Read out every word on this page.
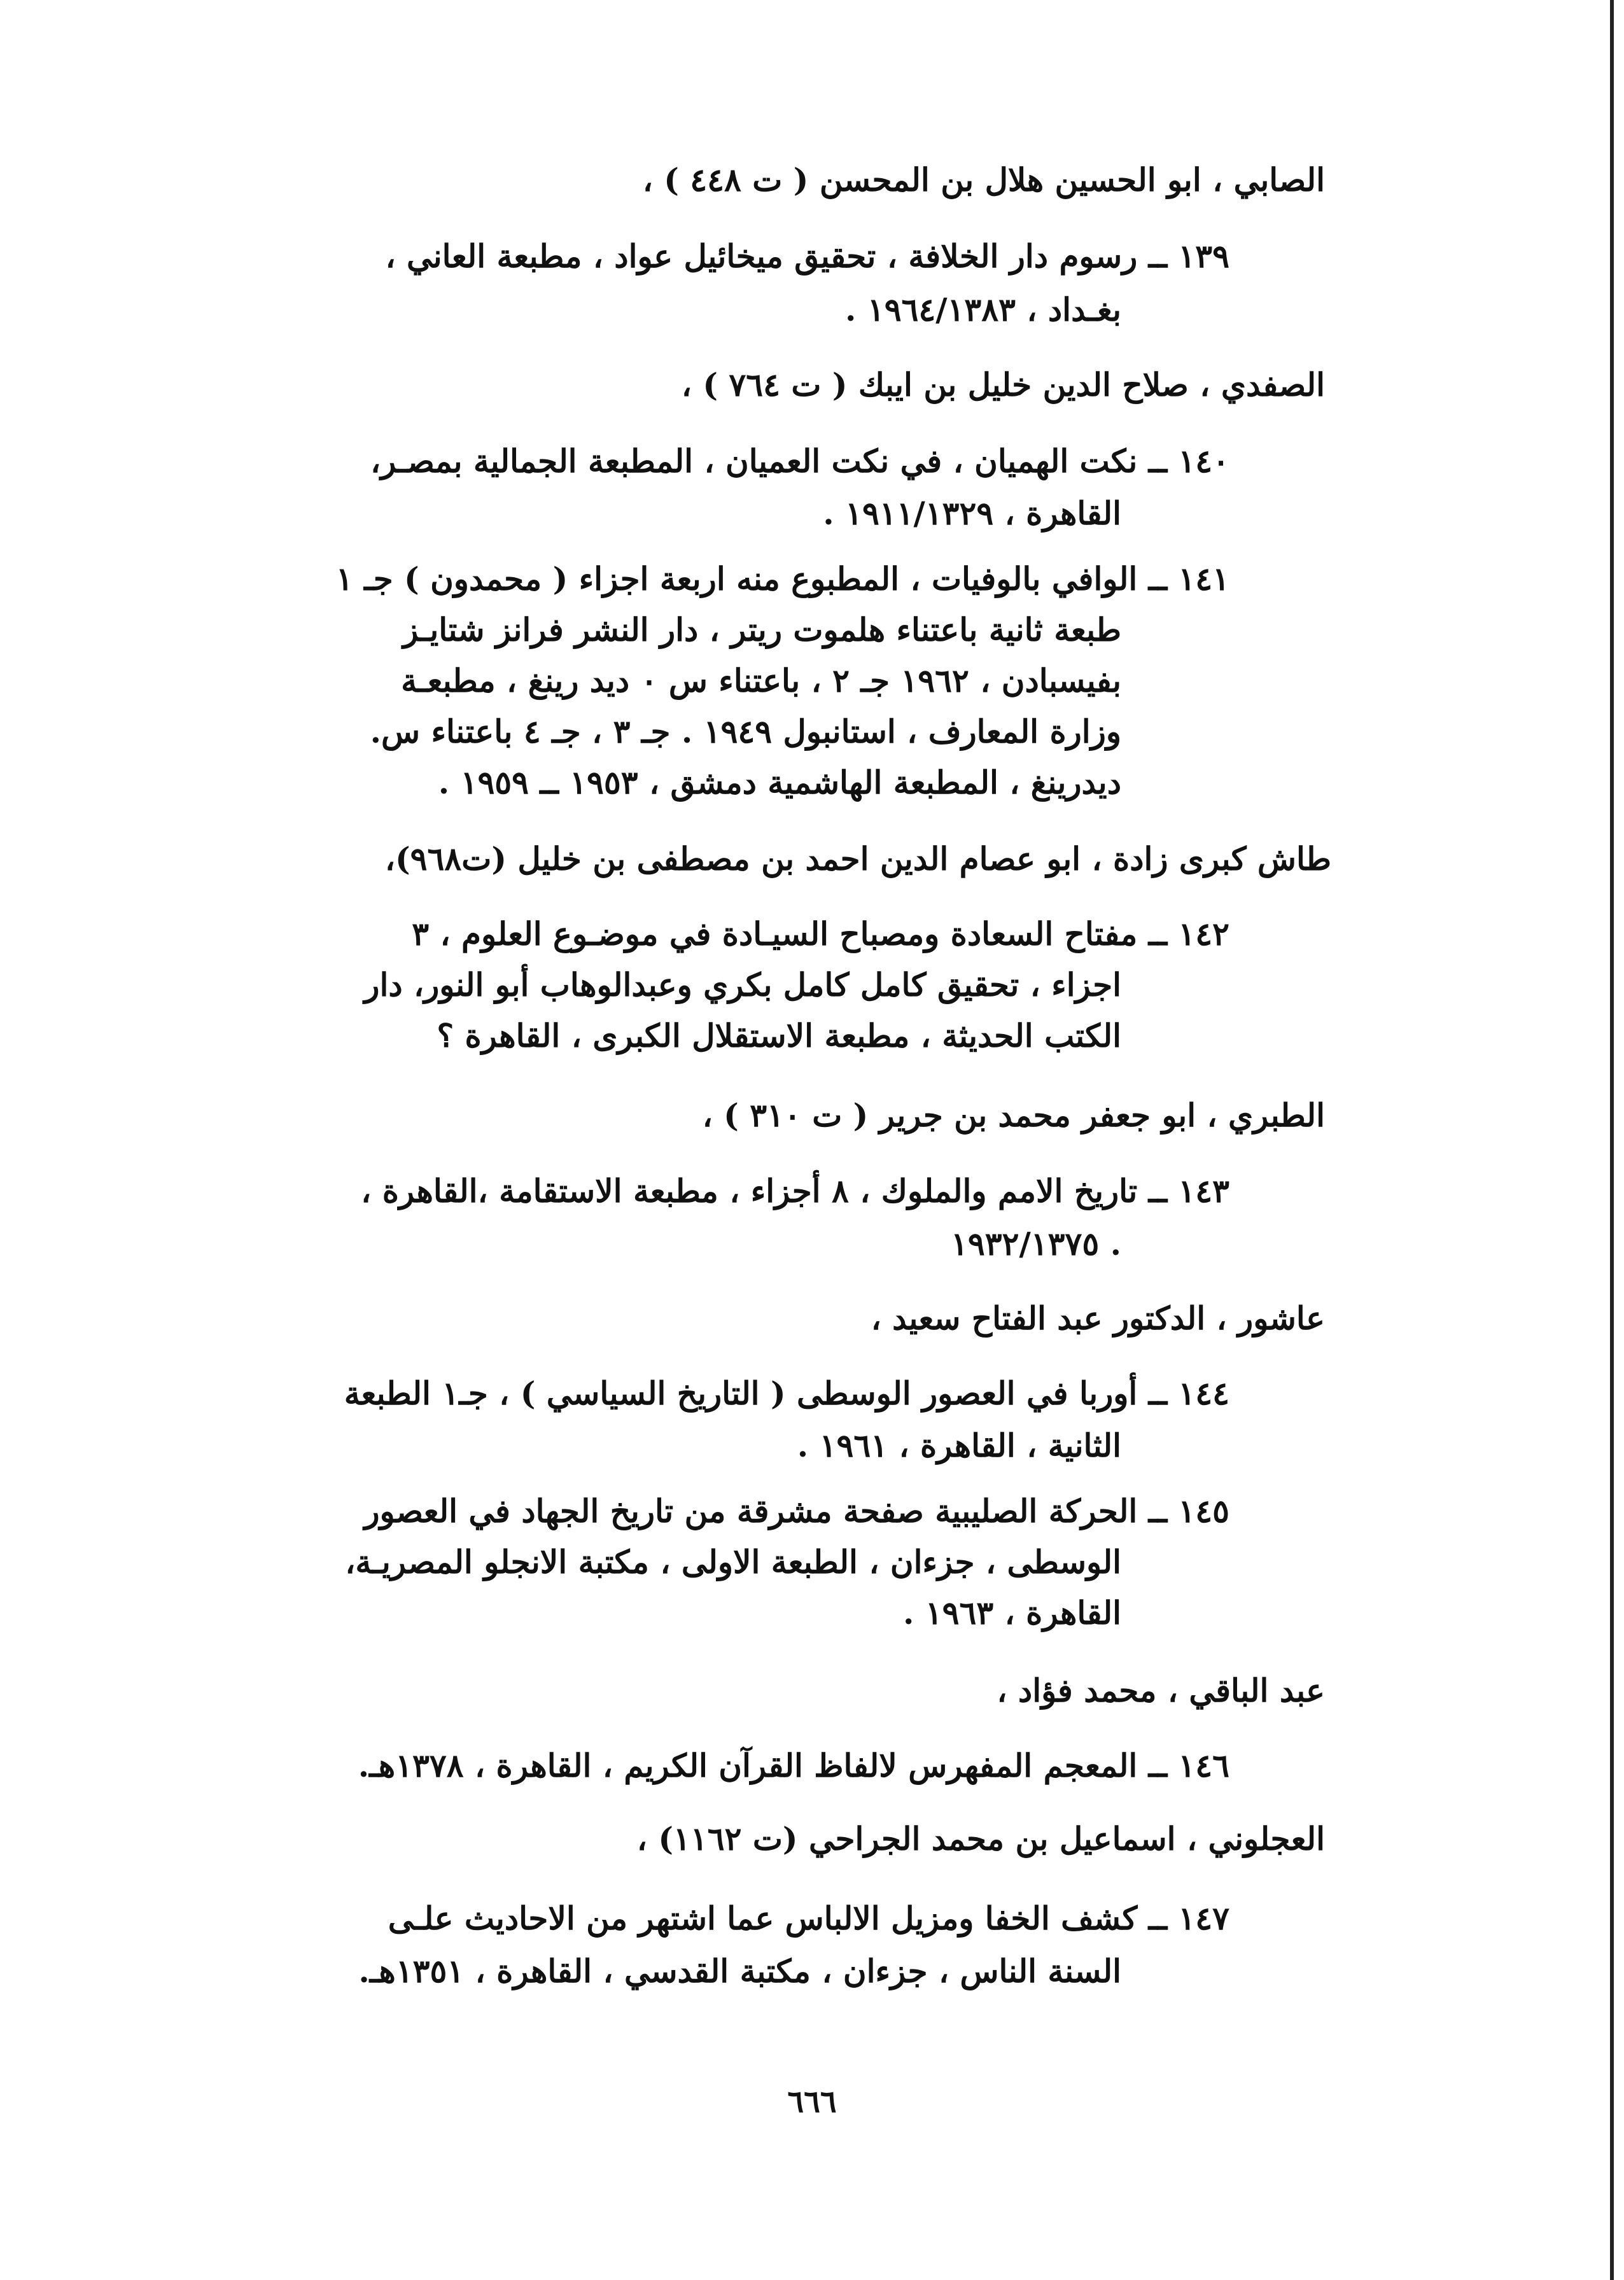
الصابي ، ابو الحسين هلال بن المحسن ( ت ٤٤٨ ) ،
١٣٩ ــ رسوم دار الخلافة ، تحقيق ميخائيل عواد ، مطبعة العاني ،
بغـداد ، ١٩٦٤/١٣٨٣ .
الصفدي ، صلاح الدين خليل بن ايبك ( ت ٧٦٤ ) ،
١٤٠ ــ نكت الهميان ، في نكت العميان ، المطبعة الجمالية بمصـر،
القاهرة ، ١٩١١/١٣٢٩ .
١٤١ ــ الوافي بالوفيات ، المطبوع منه اربعة اجزاء ( محمدون ) جـ ١
طبعة ثانية باعتناء هلموت ريتر ، دار النشر فرانز شتايـز
بفيسبادن ، ١٩٦٢ جـ ٢ ، باعتناء س ٠ ديد رينغ ، مطبعـة
وزارة المعارف ، استانبول ١٩٤٩ . جـ ٣ ، جـ ٤ باعتناء س.
ديدرينغ ، المطبعة الهاشمية دمشق ، ١٩٥٣ ــ ١٩٥٩ .
طاش كبرى زادة ، ابو عصام الدين احمد بن مصطفى بن خليل (ت٩٦٨)،
١٤٢ ــ مفتاح السعادة ومصباح السيـادة في موضـوع العلوم ، ٣
اجزاء ، تحقيق كامل كامل بكري وعبدالوهاب أبو النور، دار
الكتب الحديثة ، مطبعة الاستقلال الكبرى ، القاهرة ؟
الطبري ، ابو جعفر محمد بن جرير ( ت ٣١٠ ) ،
١٤٣ ــ تاريخ الامم والملوك ، ٨ أجزاء ، مطبعة الاستقامة ،القاهرة ،
١٩٣٢/١٣٧٥ .
عاشور ، الدكتور عبد الفتاح سعيد ،
١٤٤ ــ أوربا في العصور الوسطى ( التاريخ السياسي ) ، جـ١ الطبعة
الثانية ، القاهرة ، ١٩٦١ .
١٤٥ ــ الحركة الصليبية صفحة مشرقة من تاريخ الجهاد في العصور
الوسطى ، جزءان ، الطبعة الاولى ، مكتبة الانجلو المصريـة،
القاهرة ، ١٩٦٣ .
عبد الباقي ، محمد فؤاد ،
١٤٦ ــ المعجم المفهرس لالفاظ القرآن الكريم ، القاهرة ، ١٣٧٨هـ.
العجلوني ، اسماعيل بن محمد الجراحي (ت ١١٦٢) ،
١٤٧ ــ كشف الخفا ومزيل الالباس عما اشتهر من الاحاديث علـى
السنة الناس ، جزءان ، مكتبة القدسي ، القاهرة ، ١٣٥١هـ.
٦٦٦
